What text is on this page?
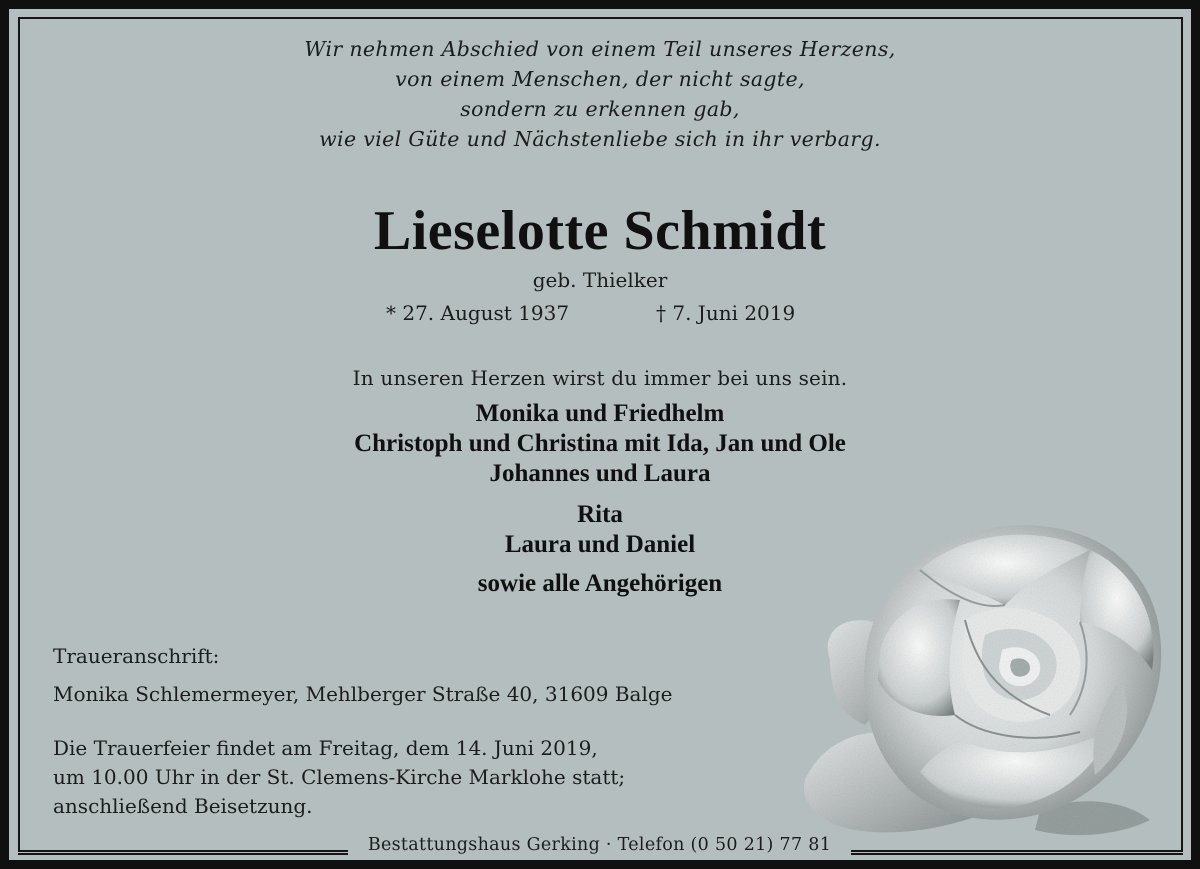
Wir nehmen Abschied von einem Teil unseres Herzens,
von einem Menschen, der nicht sagte,
sondern zu erkennen gab,
wie viel Güte und Nächstenliebe sich in ihr verbarg.
Lieselotte Schmidt
geb. Thielker
* 27. August 1937	† 7. Juni 2019
In unseren Herzen wirst du immer bei uns sein.
Monika und Friedhelm
Christoph und Christina mit Ida, Jan und Ole
Johannes und Laura
Rita
Laura und Daniel
sowie alle Angehörigen
Traueranschrift:
Monika Schlemermeyer, Mehlberger Straße 40, 31609 Balge
Die Trauerfeier findet am Freitag, dem 14. Juni 2019,
um 10.00 Uhr in der St. Clemens-Kirche Marklohe statt;
anschließend Beisetzung.
Bestattungshaus Gerking · Telefon (0 50 21) 77 81
